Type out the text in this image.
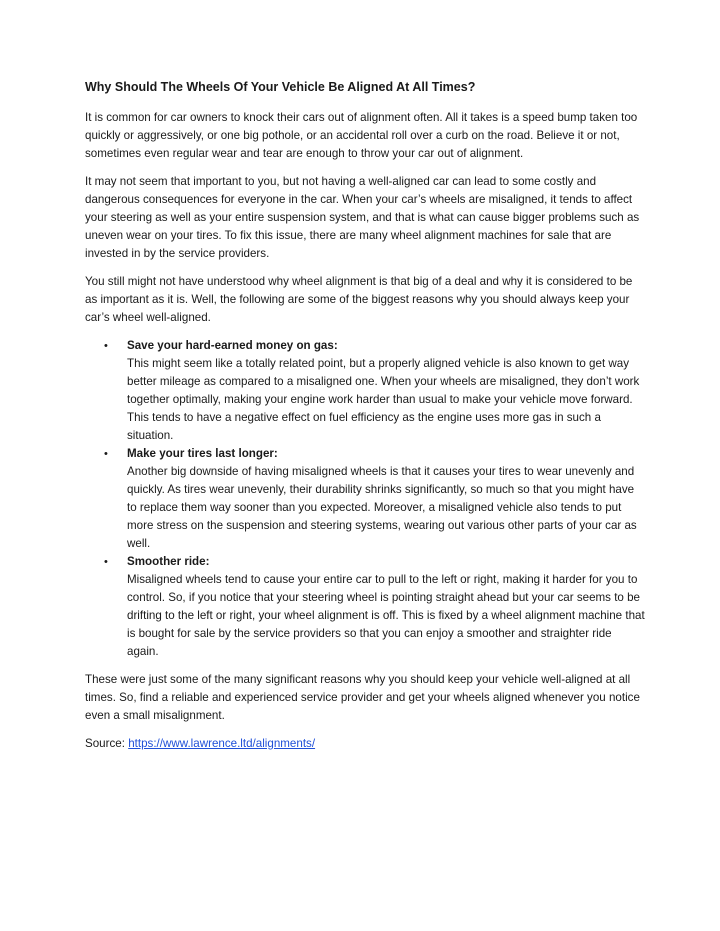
Why Should The Wheels Of Your Vehicle Be Aligned At All Times?

It is common for car owners to knock their cars out of alignment often. All it takes is a speed bump taken too quickly or aggressively, or one big pothole, or an accidental roll over a curb on the road. Believe it or not, sometimes even regular wear and tear are enough to throw your car out of alignment.

It may not seem that important to you, but not having a well-aligned car can lead to some costly and dangerous consequences for everyone in the car. When your car’s wheels are misaligned, it tends to affect your steering as well as your entire suspension system, and that is what can cause bigger problems such as uneven wear on your tires. To fix this issue, there are many wheel alignment machines for sale that are invested in by the service providers.

You still might not have understood why wheel alignment is that big of a deal and why it is considered to be as important as it is. Well, the following are some of the biggest reasons why you should always keep your car’s wheel well-aligned.

• Save your hard-earned money on gas:
This might seem like a totally related point, but a properly aligned vehicle is also known to get way better mileage as compared to a misaligned one. When your wheels are misaligned, they don’t work together optimally, making your engine work harder than usual to make your vehicle move forward. This tends to have a negative effect on fuel efficiency as the engine uses more gas in such a situation.
• Make your tires last longer:
Another big downside of having misaligned wheels is that it causes your tires to wear unevenly and quickly. As tires wear unevenly, their durability shrinks significantly, so much so that you might have to replace them way sooner than you expected. Moreover, a misaligned vehicle also tends to put more stress on the suspension and steering systems, wearing out various other parts of your car as well.
• Smoother ride:
Misaligned wheels tend to cause your entire car to pull to the left or right, making it harder for you to control. So, if you notice that your steering wheel is pointing straight ahead but your car seems to be drifting to the left or right, your wheel alignment is off. This is fixed by a wheel alignment machine that is bought for sale by the service providers so that you can enjoy a smoother and straighter ride again.

These were just some of the many significant reasons why you should keep your vehicle well-aligned at all times. So, find a reliable and experienced service provider and get your wheels aligned whenever you notice even a small misalignment.

Source: https://www.lawrence.ltd/alignments/
